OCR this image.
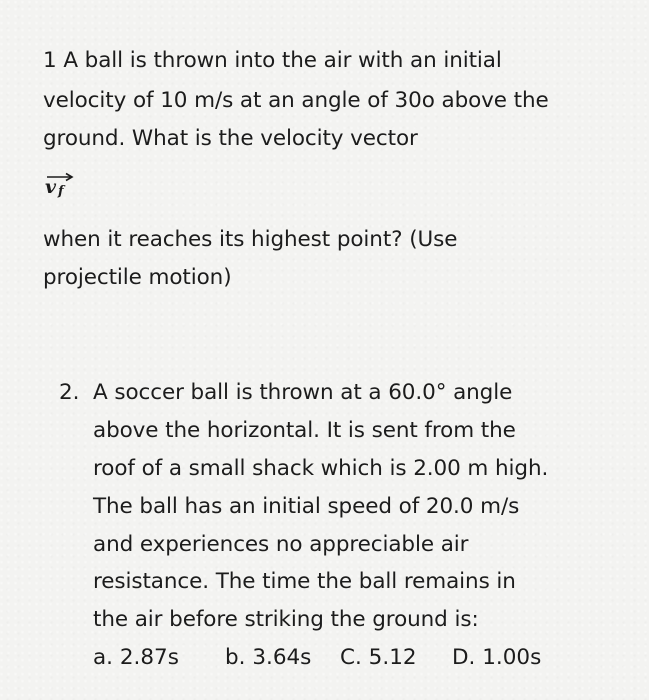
1 A ball is thrown into the air with an initial
velocity of 10 m/s at an angle of 30o above the
ground. What is the velocity vector
v f
when it reaches its highest point? (Use
projectile motion)
2. A soccer ball is thrown at a 60.0° angle
above the horizontal. It is sent from the
roof of a small shack which is 2.00 m high.
The ball has an initial speed of 20.0 m/s
and experiences no appreciable air
resistance. The time the ball remains in
the air before striking the ground is:
a. 2.87s b. 3.64s C. 5.12 D. 1.00s
